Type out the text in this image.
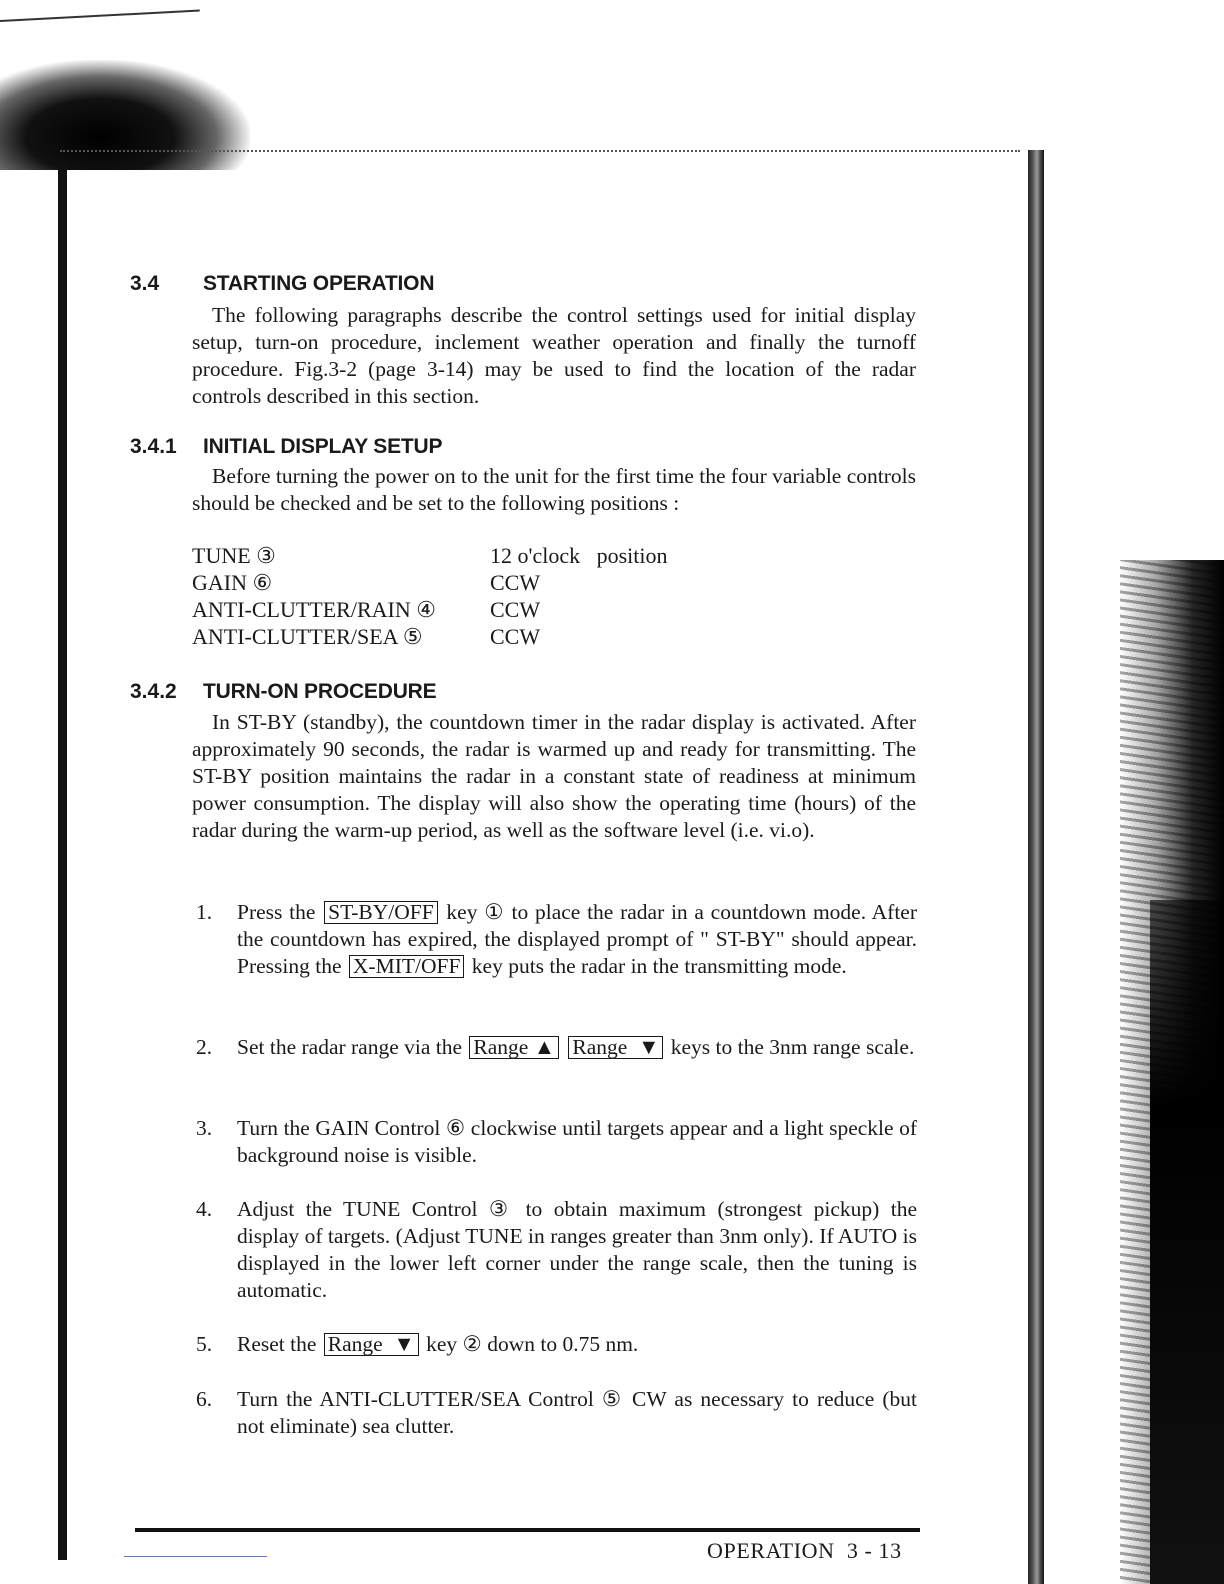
3.4 STARTING OPERATION

The following paragraphs describe the control settings used for initial display setup, turn-on procedure, inclement weather operation and finally the turnoff procedure. Fig.3-2 (page 3-14) may be used to find the location of the radar controls described in this section.

3.4.1 INITIAL DISPLAY SETUP

Before turning the power on to the unit for the first time the four variable controls should be checked and be set to the following positions :

TUNE ③	12 o'clock   position
GAIN ⑥	CCW
ANTI-CLUTTER/RAIN ④ CCW
ANTI-CLUTTER/SEA ⑤	CCW
3.4.2 TURN-ON PROCEDURE

In ST-BY (standby), the countdown timer in the radar display is activated. After approximately 90 seconds, the radar is warmed up and ready for transmitting. The ST-BY position maintains the radar in a constant state of readiness at minimum power consumption. The display will also show the operating time (hours) of the radar during the warm-up period, as well as the software level (i.e. vi.o).

1. Press the ST-BY/OFF key ① to place the radar in a countdown mode. After the countdown has expired, the displayed prompt of " ST-BY" should appear. Pressing the X-MIT/OFF key puts the radar in the transmitting mode.

2. Set the radar range via the Range ▲ Range  ▼ keys to the 3nm range scale.

3. Turn the GAIN Control ⑥ clockwise until targets appear and a light speckle of background noise is visible.

4. Adjust the TUNE Control ③ to obtain maximum (strongest pickup) the display of targets. (Adjust TUNE in ranges greater than 3nm only). If AUTO is displayed in the lower left corner under the range scale, then the tuning is automatic.

5. Reset the Range  ▼ key ② down to 0.75 nm.

6. Turn the ANTI-CLUTTER/SEA Control ⑤ CW as necessary to reduce (but not eliminate) sea clutter.

OPERATION  3 - 13
